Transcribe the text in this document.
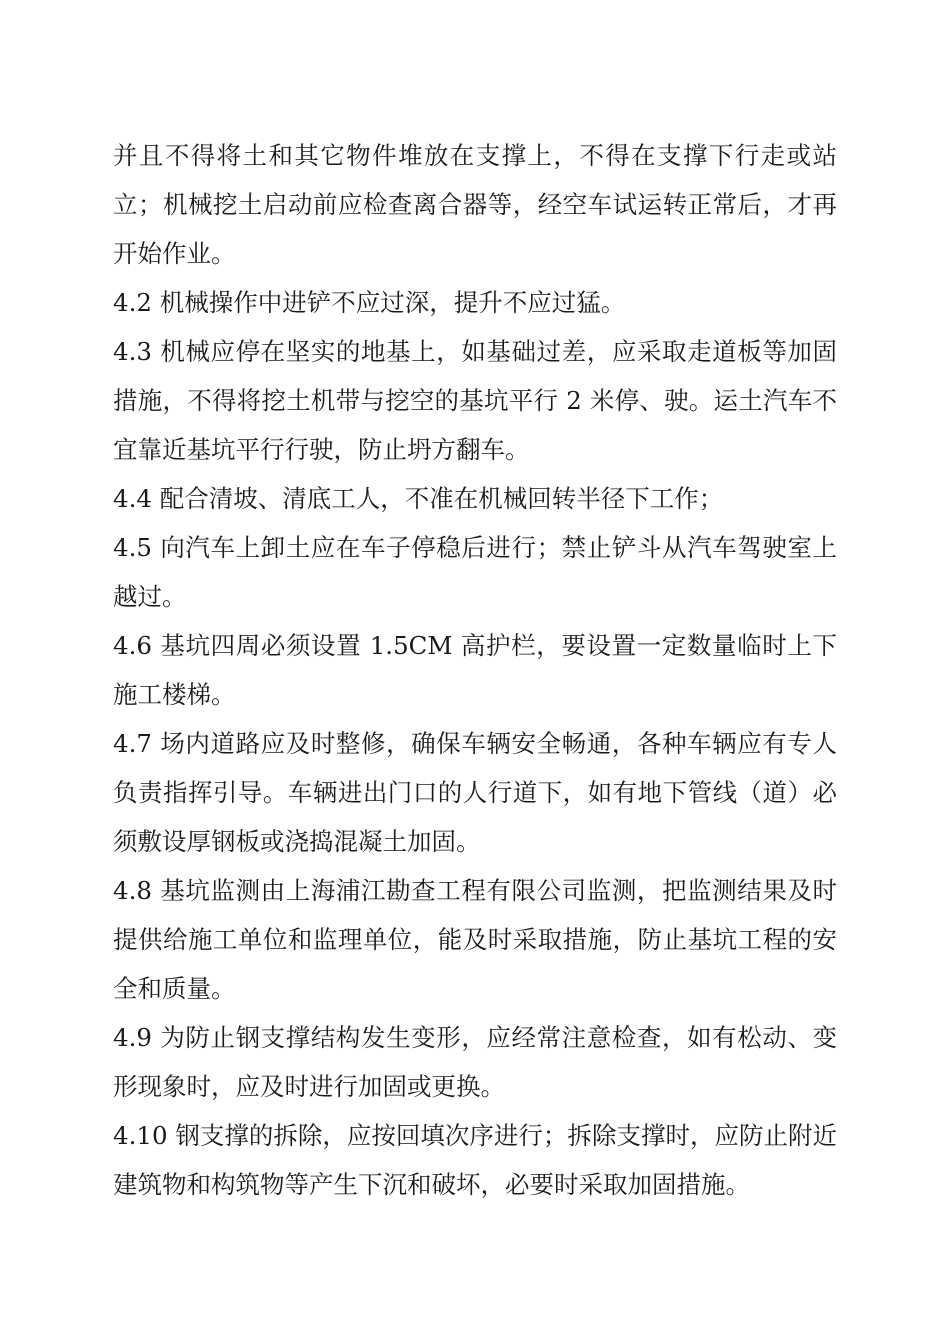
并且不得将土和其它物件堆放在支撑上，不得在支撑下行走或站立；机械挖土启动前应检查离合器等，经空车试运转正常后，才再开始作业。

4.2 机械操作中进铲不应过深，提升不应过猛。

4.3 机械应停在坚实的地基上，如基础过差，应采取走道板等加固措施，不得将挖土机带与挖空的基坑平行 2 米停、驶。运土汽车不宜靠近基坑平行行驶，防止坍方翻车。

4.4 配合清坡、清底工人，不准在机械回转半径下工作；

4.5 向汽车上卸土应在车子停稳后进行；禁止铲斗从汽车驾驶室上越过。

4.6 基坑四周必须设置 1.5CM 高护栏，要设置一定数量临时上下施工楼梯。

4.7 场内道路应及时整修，确保车辆安全畅通，各种车辆应有专人负责指挥引导。车辆进出门口的人行道下，如有地下管线（道）必须敷设厚钢板或浇捣混凝土加固。

4.8 基坑监测由上海浦江勘查工程有限公司监测，把监测结果及时提供给施工单位和监理单位，能及时采取措施，防止基坑工程的安全和质量。

4.9 为防止钢支撑结构发生变形，应经常注意检查，如有松动、变形现象时，应及时进行加固或更换。

4.10 钢支撑的拆除，应按回填次序进行；拆除支撑时，应防止附近建筑物和构筑物等产生下沉和破坏，必要时采取加固措施。
